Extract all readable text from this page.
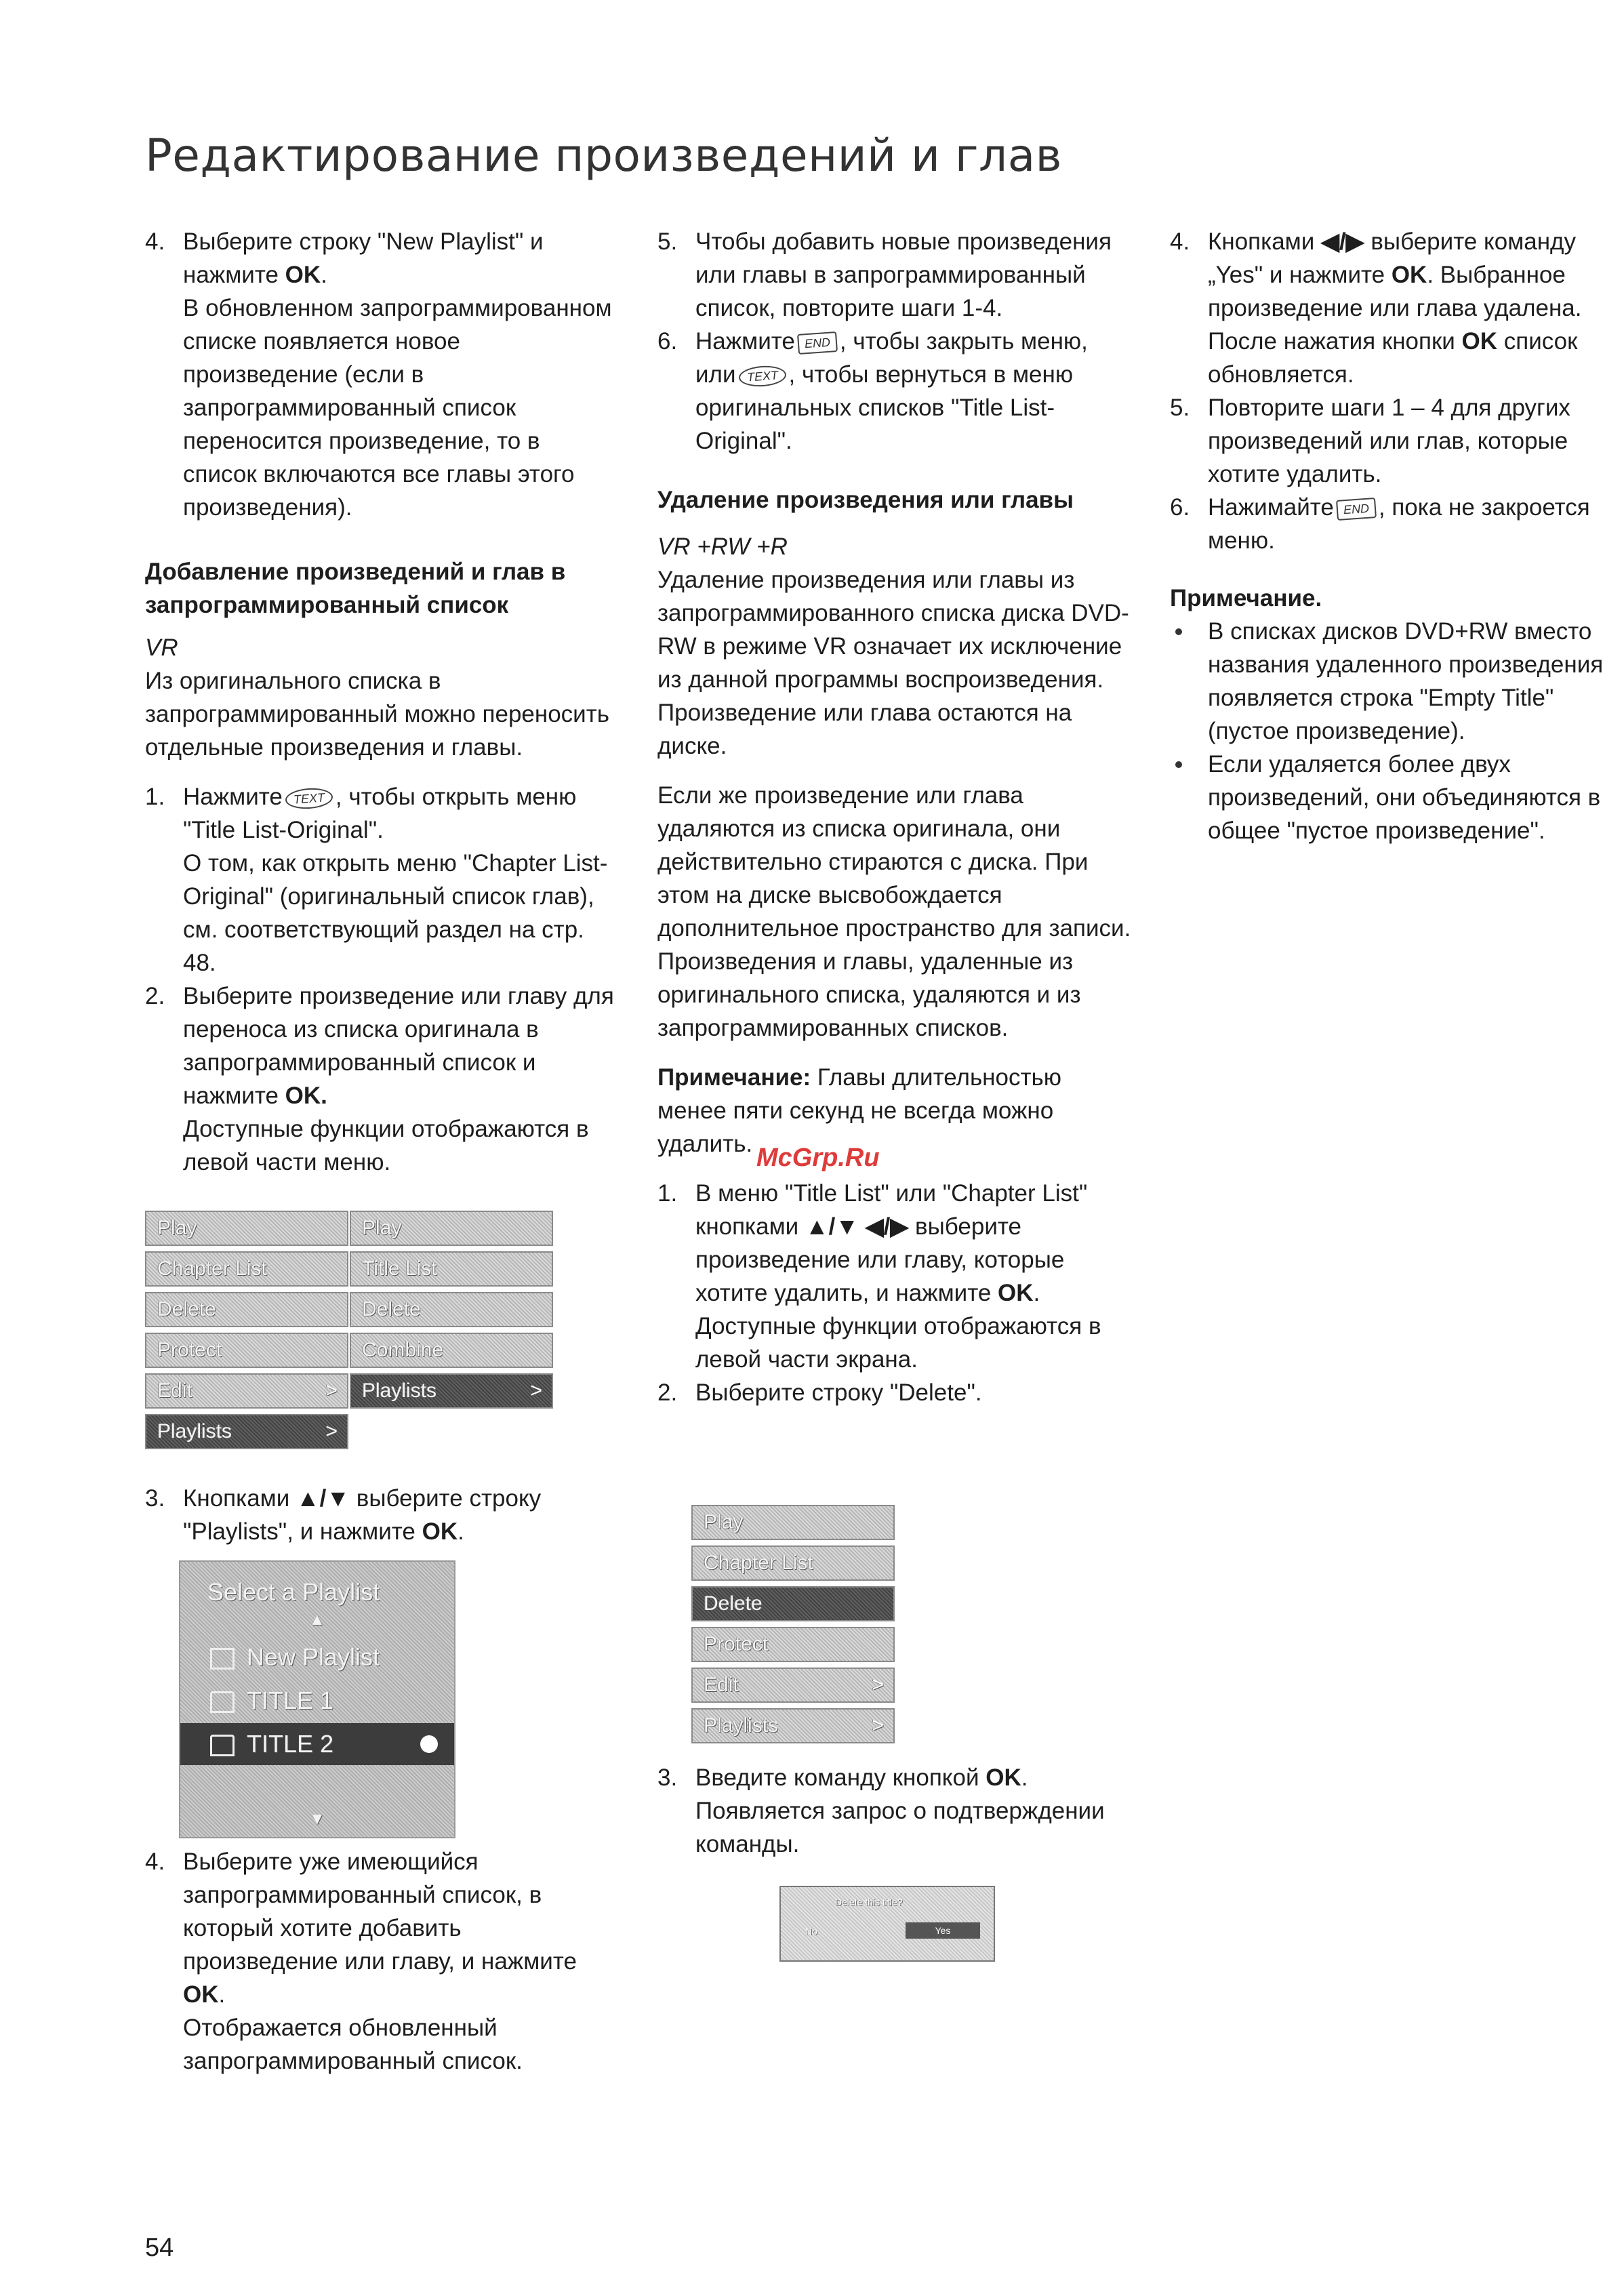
Редактирование произведений и глав
4. Выберите строку "New Playlist" и нажмите OK.
В обновленном запрограммированном списке появляется новое произведение (если в запрограммированный список переносится произведение, то в список включаются все главы этого произведения).
Добавление произведений и глав в запрограммированный список
VR
Из оригинального списка в запрограммированный можно переносить отдельные произведения и главы.
1. Нажмите TEXT , чтобы открыть меню "Title List-Original".
О том, как открыть меню "Chapter List-Original" (оригинальный список глав), см. соответствующий раздел на стр. 48.
2. Выберите произведение или главу для переноса из списка оригинала в запрограммированный список и нажмите OK.
Доступные функции отображаются в левой части меню.
Play
Chapter List
Delete
Protect
Edit	>
Playlists	>
Play
Title List
Delete
Combine
Playlists	>
3. Кнопками ▲/▼ выберите строку "Playlists", и нажмите OK.
Select a Playlist
▲
New Playlist
TITLE 1
TITLE 2
▼
4. Выберите уже имеющийся запрограммированный список, в который хотите добавить произведение или главу, и нажмите OK.
Отображается обновленный запрограммированный список.
5. Чтобы добавить новые произведения или главы в запрограммированный список, повторите шаги 1-4.
6. Нажмите END , чтобы закрыть меню, или TEXT , чтобы вернуться в меню оригинальных списков "Title List-Original".
Удаление произведения или главы
VR +RW +R
Удаление произведения или главы из запрограммированного списка диска DVD-RW в режиме VR означает их исключение из данной программы воспроизведения. Произведение или глава остаются на диске.
Если же произведение или глава удаляются из списка оригинала, они действительно стираются с диска. При этом на диске высвобождается дополнительное пространство для записи. Произведения и главы, удаленные из оригинального списка, удаляются и из запрограммированных списков.
Примечание: Главы длительностью менее пяти секунд не всегда можно удалить.
1. В меню "Title List" или "Chapter List" кнопками ▲/▼ ◀/▶ выберите произведение или главу, которые хотите удалить, и нажмите OK. Доступные функции отображаются в левой части экрана.
2. Выберите строку "Delete".
McGrp.Ru
Play
Chapter List
Delete
Protect
Edit	>
Playlists	>
3. Введите команду кнопкой OK. Появляется запрос о подтверждении команды.
Delete this title?
No	Yes
4. Кнопками ◀/▶ выберите команду „Yes" и нажмите OK. Выбранное произведение или глава удалена. После нажатия кнопки OK список обновляется.
5. Повторите шаги 1 – 4 для других произведений или глав, которые хотите удалить.
6. Нажимайте END , пока не закроется меню.
Примечание.
В списках дисков DVD+RW вместо названия удаленного произведения появляется строка "Empty Title" (пустое произведение).
Если удаляется более двух произведений, они объединяются в общее "пустое произведение".
54
